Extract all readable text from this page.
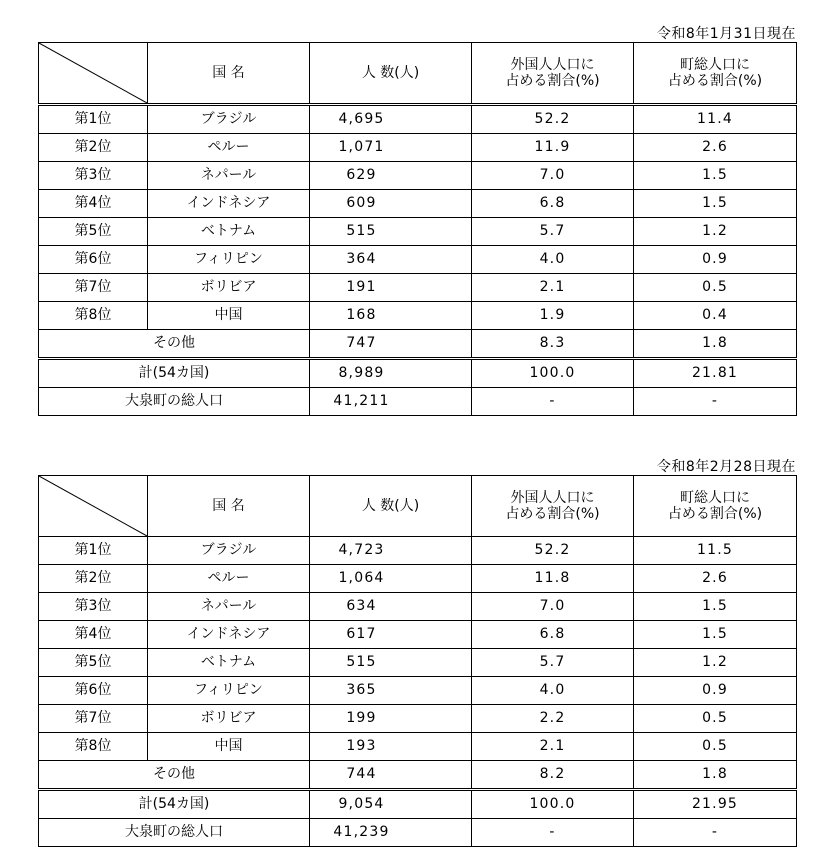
令和8年1月31日現在
	国 名	人 数(人)	外国人人口に
占める割合(%)	町総人口に
占める割合(%)

第1位	ブラジル	4,695	52.2	11.4
第2位	ペルー	1,071	11.9	2.6
第3位	ネパール	629	7.0	1.5
第4位	インドネシア	609	6.8	1.5
第5位	ベトナム	515	5.7	1.2
第6位	フィリピン	364	4.0	0.9
第7位	ボリビア	191	2.1	0.5
第8位	中国	168	1.9	0.4
その他		747	8.3	1.8
計(54カ国)		8,989	100.0	21.81
大泉町の総人口		41,211	-	-
令和8年2月28日現在
	国 名	人 数(人)	外国人人口に
占める割合(%)	町総人口に
占める割合(%)

第1位	ブラジル	4,723	52.2	11.5
第2位	ペルー	1,064	11.8	2.6
第3位	ネパール	634	7.0	1.5
第4位	インドネシア	617	6.8	1.5
第5位	ベトナム	515	5.7	1.2
第6位	フィリピン	365	4.0	0.9
第7位	ボリビア	199	2.2	0.5
第8位	中国	193	2.1	0.5
その他		744	8.2	1.8
計(54カ国)		9,054	100.0	21.95
大泉町の総人口		41,239	-	-
